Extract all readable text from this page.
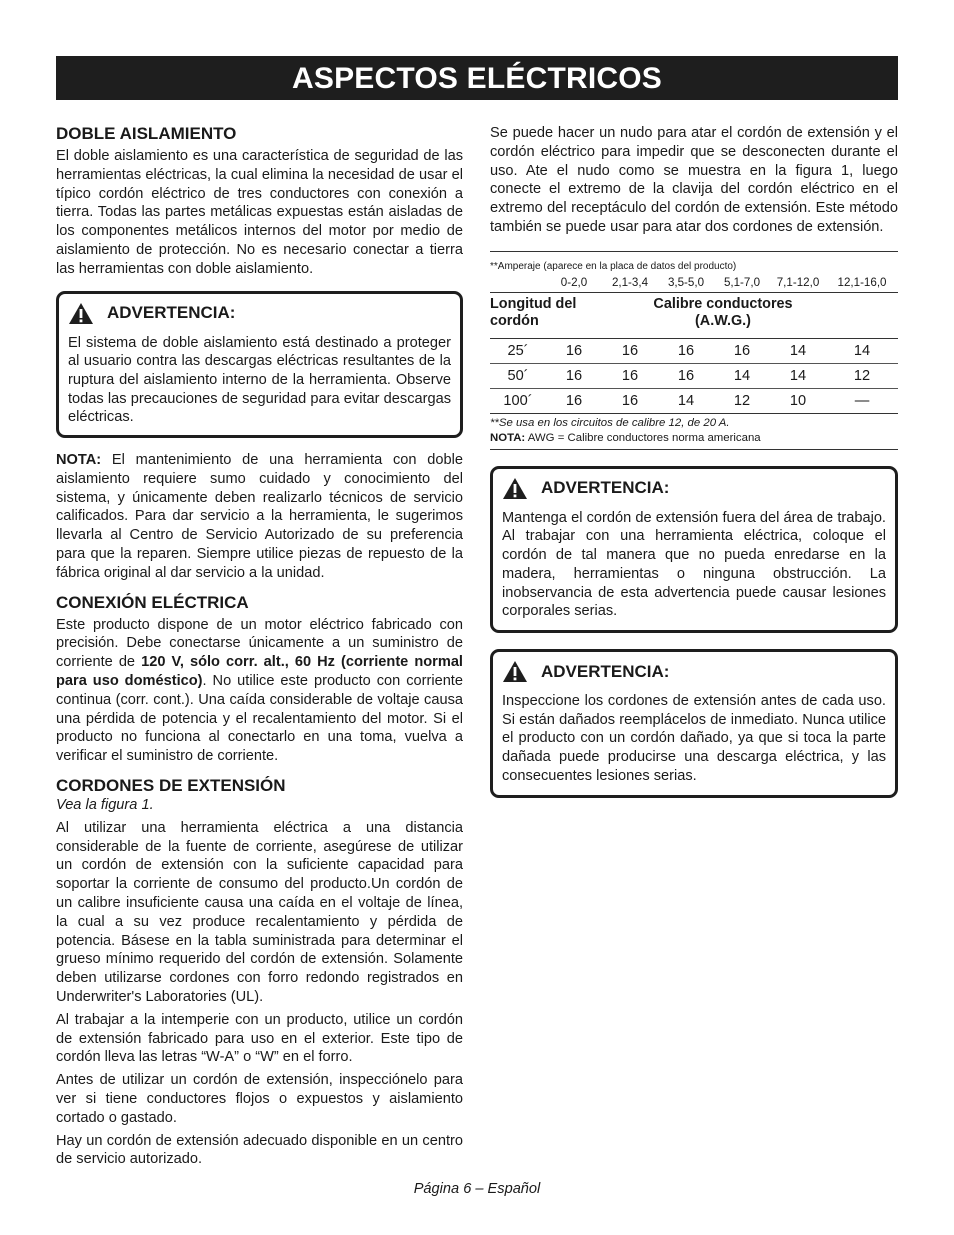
ASPECTOS ELÉCTRICOS
DOBLE AISLAMIENTO

El doble aislamiento es una característica de seguridad de las herramientas eléctricas, la cual elimina la necesidad de usar el típico cordón eléctrico de tres conductores con conexión a tierra. Todas las partes metálicas expuestas están aisladas de los componentes metálicos internos del motor por medio de aislamiento de protección. No es necesario conectar a tierra las herramientas con doble aislamiento.

ADVERTENCIA:

El sistema de doble aislamiento está destinado a proteger al usuario contra las descargas eléctricas resultantes de la ruptura del aislamiento interno de la herramienta. Observe todas las precauciones de seguridad para evitar descargas eléctricas.

NOTA: El mantenimiento de una herramienta con doble aislamiento requiere sumo cuidado y conocimiento del sistema, y únicamente deben realizarlo técnicos de servicio calificados. Para dar servicio a la herramienta, le sugerimos llevarla al Centro de Servicio Autorizado de su preferencia para que la reparen. Siempre utilice piezas de repuesto de la fábrica original al dar servicio a la unidad.

CONEXIÓN ELÉCTRICA

Este producto dispone de un motor eléctrico fabricado con precisión. Debe conectarse únicamente a un suministro de corriente de 120 V, sólo corr. alt., 60 Hz (corriente normal para uso doméstico). No utilice este producto con corriente continua (corr. cont.). Una caída considerable de voltaje causa una pérdida de potencia y el recalentamiento del motor. Si el producto no funciona al conectarlo en una toma, vuelva a verificar el suministro de corriente.

CORDONES DE EXTENSIÓN

Vea la figura 1.

Al utilizar una herramienta eléctrica a una distancia considerable de la fuente de corriente, asegúrese de utilizar un cordón de extensión con la suficiente capacidad para soportar la corriente de consumo del producto.Un cordón de un calibre insuficiente causa una caída en el voltaje de línea, la cual a su vez produce recalentamiento y pérdida de potencia. Básese en la tabla suministrada para determinar el grueso mínimo requerido del cordón de extensión. Solamente deben utilizarse cordones con forro redondo registrados en Underwriter's Laboratories (UL).

Al trabajar a la intemperie con un producto, utilice un cordón de extensión fabricado para uso en el exterior. Este tipo de cordón lleva las letras “W-A” o “W” en el forro.

Antes de utilizar un cordón de extensión, inspecciónelo para ver si tiene conductores flojos o expuestos y aislamiento cortado o gastado.

Hay un cordón de extensión adecuado disponible en un centro de servicio autorizado.

Se puede hacer un nudo para atar el cordón de extensión y el cordón eléctrico para impedir que se desconecten durante el uso. Ate el nudo como se muestra en la figura 1, luego conecte el extremo de la clavija del cordón eléctrico en el extremo del receptáculo del cordón de extensión. Este método también se puede usar para atar dos cordones de extensión.

**Amperaje (aparece en la placa de datos del producto)
0-2,0	2,1-3,4	3,5-5,0	5,1-7,0	7,1-12,0	12,1-16,0
Longitud del cordón
Calibre conductores (A.W.G.)
25´	16	16	16	16	14	14
50´	16	16	16	14	14	12
100´	16	16	14	12	10	—
**Se usa en los circuitos de calibre 12, de 20 A.
NOTA: AWG = Calibre conductores norma americana
ADVERTENCIA:

Mantenga el cordón de extensión fuera del área de trabajo. Al trabajar con una herramienta eléctrica, coloque el cordón de tal manera que no pueda enredarse en la madera, herramientas o ninguna obstrucción. La inobservancia de esta advertencia puede causar lesiones corporales serias.

ADVERTENCIA:

Inspeccione los cordones de extensión antes de cada uso. Si están dañados reemplácelos de inmediato. Nunca utilice el producto con un cordón dañado, ya que si toca la parte dañada puede producirse una descarga eléctrica, y las consecuentes lesiones serias.

Página 6 – Español
